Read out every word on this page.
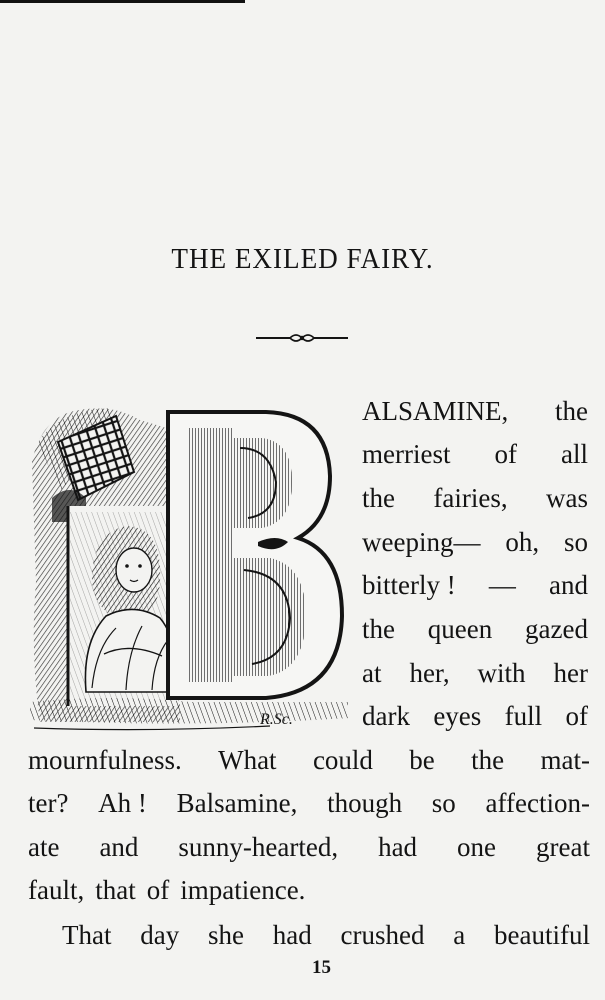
THE EXILED FAIRY.
R.Sc.
ALSAMINE, the
merriest of all
the fairies, was
weeping— oh, so
bitterly ! — and
the queen gazed
at her, with her
dark eyes full of
mournfulness. What could be the mat-
ter? Ah ! Balsamine, though so affection-
ate and sunny-hearted, had one great
fault, that of impatience.
That day she had crushed a beautiful
15
